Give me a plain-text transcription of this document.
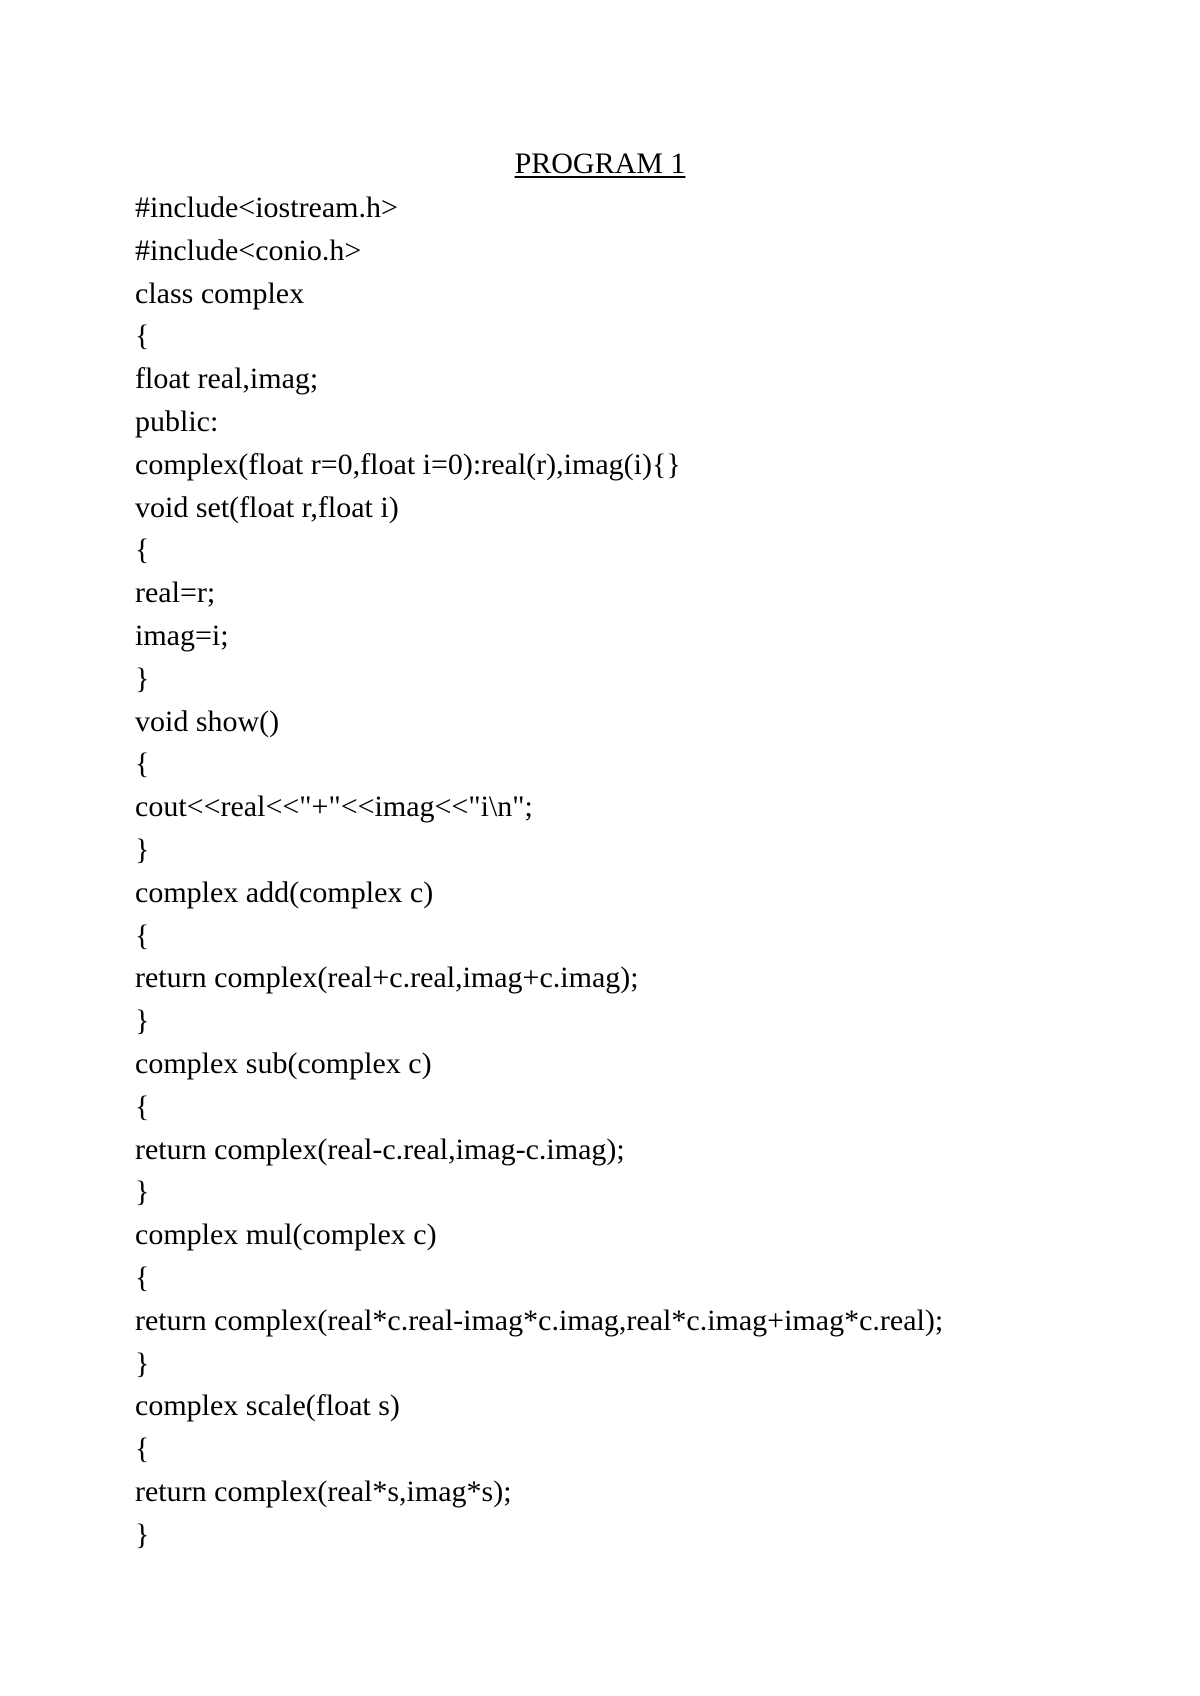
PROGRAM 1
#include<iostream.h>
#include<conio.h>
class complex
{
float real,imag;
public:
complex(float r=0,float i=0):real(r),imag(i){}
void set(float r,float i)
{
real=r;
imag=i;
}
void show()
{
cout<<real<<"+"<<imag<<"i\n";
}
complex add(complex c)
{
return complex(real+c.real,imag+c.imag);
}
complex sub(complex c)
{
return complex(real-c.real,imag-c.imag);
}
complex mul(complex c)
{
return complex(real*c.real-imag*c.imag,real*c.imag+imag*c.real);
}
complex scale(float s)
{
return complex(real*s,imag*s);
}
